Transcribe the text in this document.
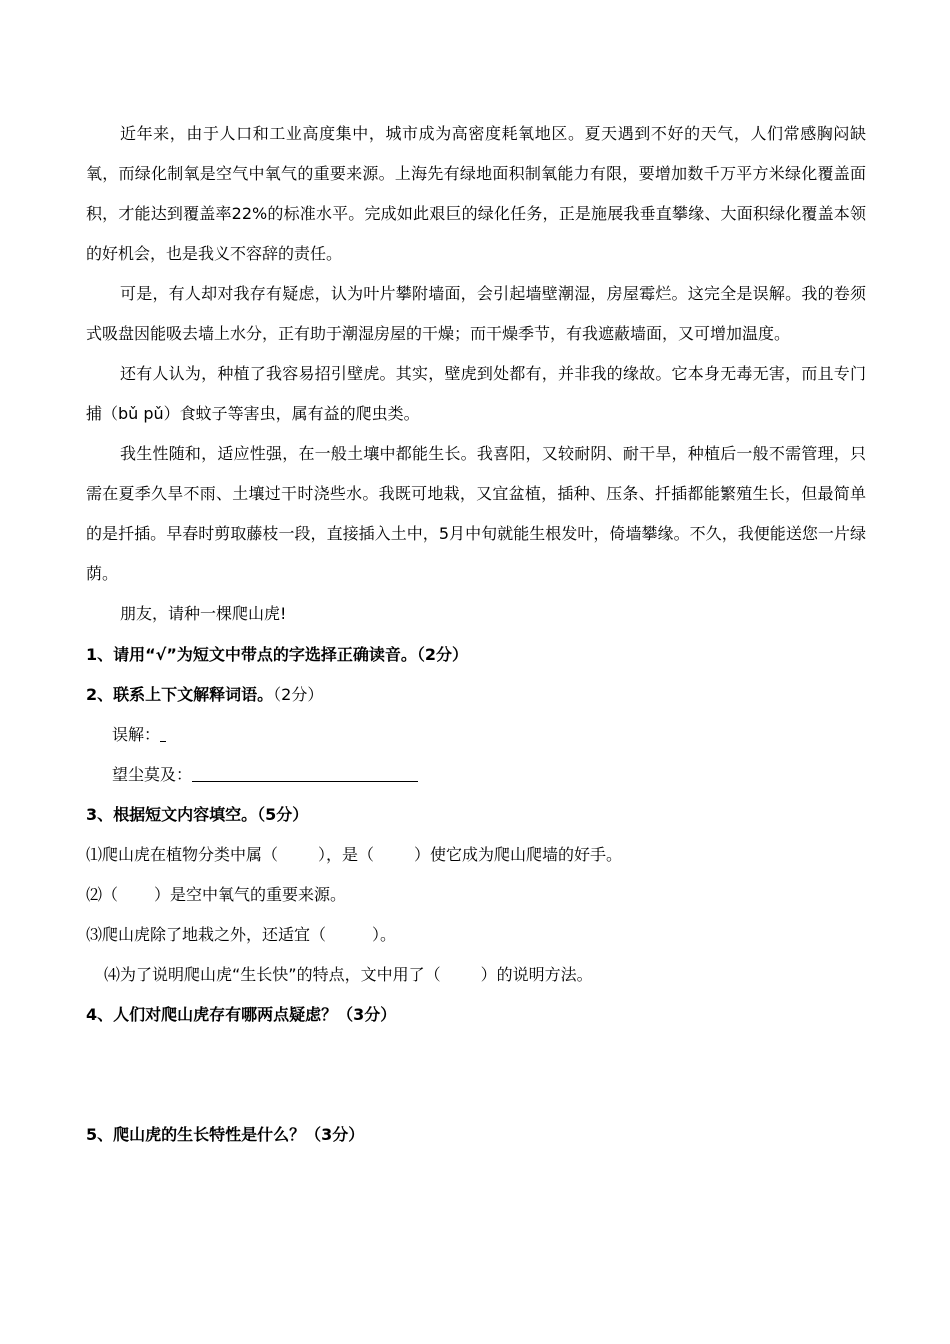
近年来，由于人口和工业高度集中，城市成为高密度耗氧地区。夏天遇到不好的天气，人们常感胸闷缺氧，而绿化制氧是空气中氧气的重要来源。上海先有绿地面积制氧能力有限，要增加数千万平方米绿化覆盖面积，才能达到覆盖率22%的标准水平。完成如此艰巨的绿化任务，正是施展我垂直攀缘、大面积绿化覆盖本领的好机会，也是我义不容辞的责任。

可是，有人却对我存有疑虑，认为叶片攀附墙面，会引起墙壁潮湿，房屋霉烂。这完全是误解。我的卷须式吸盘因能吸去墙上水分，正有助于潮湿房屋的干燥；而干燥季节，有我遮蔽墙面，又可增加温度。

还有人认为，种植了我容易招引壁虎。其实，壁虎到处都有，并非我的缘故。它本身无毒无害，而且专门捕（bǔ pǔ）食蚊子等害虫，属有益的爬虫类。

我生性随和，适应性强，在一般土壤中都能生长。我喜阳，又较耐阴、耐干旱，种植后一般不需管理，只需在夏季久旱不雨、土壤过干时浇些水。我既可地栽，又宜盆植，插种、压条、扦插都能繁殖生长，但最简单的是扦插。早春时剪取藤枝一段，直接插入土中，5月中旬就能生根发叶，倚墙攀缘。不久，我便能送您一片绿荫。

朋友，请种一棵爬山虎!

1、请用“√”为短文中带点的字选择正确读音。（2分）
2、联系上下文解释词语。（2分）
误解：
望尘莫及：
3、根据短文内容填空。（5分）
⑴爬山虎在植物分类中属（	），是（	）使它成为爬山爬墙的好手。
⑵（ ）是空中氧气的重要来源。
⑶爬山虎除了地栽之外，还适宜（	）。
⑷为了说明爬山虎“生长快”的特点，文中用了（	）的说明方法。
4、人们对爬山虎存有哪两点疑虑？（3分）
5、爬山虎的生长特性是什么？（3分）
